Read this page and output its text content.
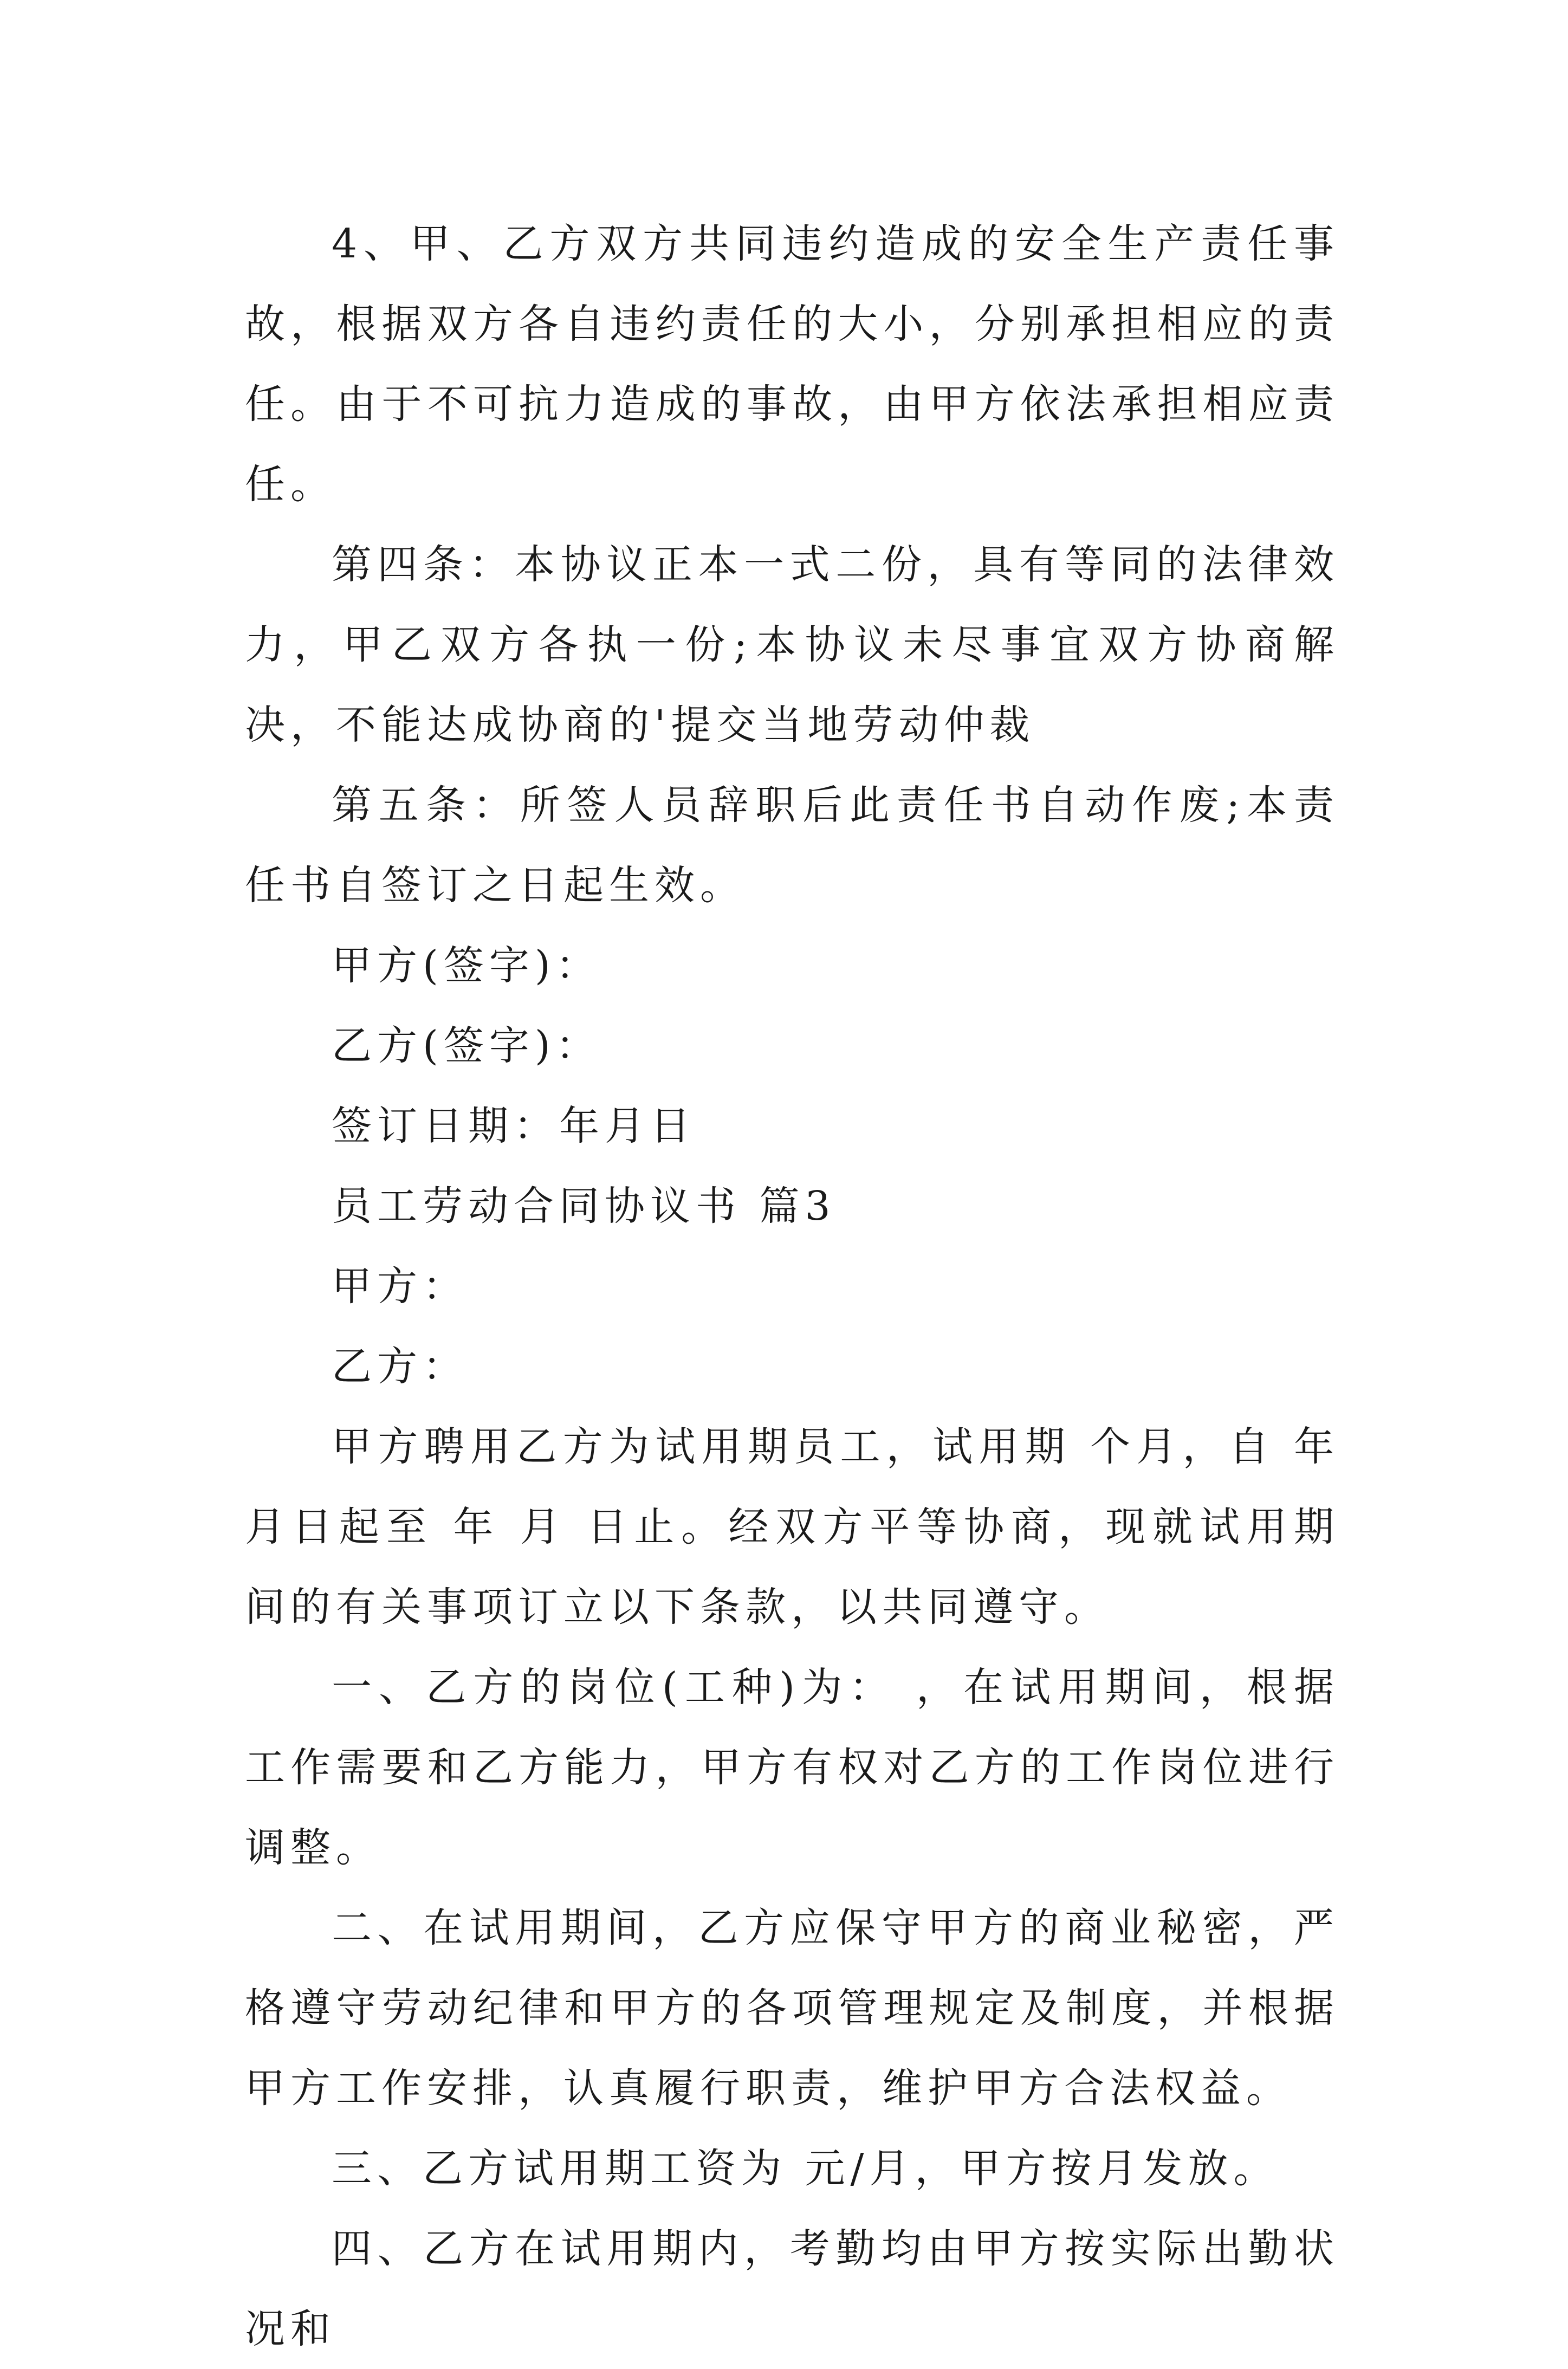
4、甲、乙方双方共同违约造成的安全生产责任事故，根据双方各自违约责任的大小，分别承担相应的责任。由于不可抗力造成的事故，由甲方依法承担相应责任。

第四条：本协议正本一式二份，具有等同的法律效力，甲乙双方各执一份;本协议未尽事宜双方协商解决，不能达成协商的'提交当地劳动仲裁

第五条：所签人员辞职后此责任书自动作废;本责任书自签订之日起生效。

甲方(签字)：

乙方(签字)：

签订日期：年月日

员工劳动合同协议书 篇3

甲方：

乙方：

甲方聘用乙方为试用期员工，试用期 个月，自 年 月日起至 年 月 日止。经双方平等协商，现就试用期间的有关事项订立以下条款，以共同遵守。

一、乙方的岗位(工种)为： ，在试用期间，根据工作需要和乙方能力，甲方有权对乙方的工作岗位进行调整。

二、在试用期间，乙方应保守甲方的商业秘密，严格遵守劳动纪律和甲方的各项管理规定及制度，并根据甲方工作安排，认真履行职责，维护甲方合法权益。

三、乙方试用期工资为 元/月，甲方按月发放。

四、乙方在试用期内，考勤均由甲方按实际出勤状况和
